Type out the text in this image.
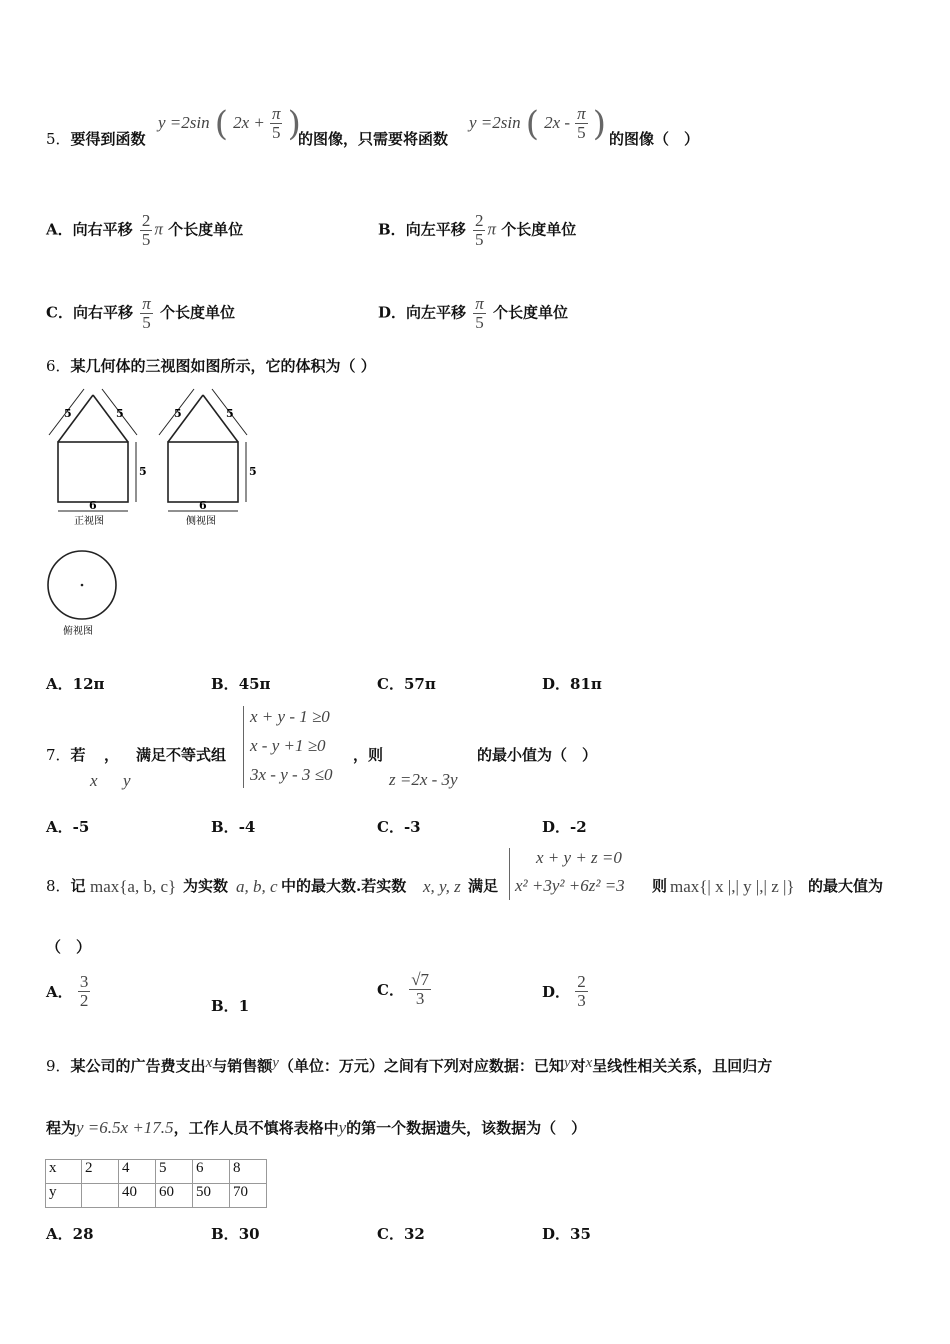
5．要得到函数
y =2sin ( $2x + \frac{\pi}{5}$ )
的图像，只需要将函数
y =2sin ( $2x - \frac{\pi}{5}$ ) 的图像（　）
A．向右平移 $\frac{2}{5}$ π 个长度单位	B．向左平移 $\frac{2}{5}$ π 个长度单位
C．向右平移 $\frac{\pi}{5}$ 个长度单位	D．向左平移 $\frac{\pi}{5}$ 个长度单位
6．某几何体的三视图如图所示，它的体积为（ ）
5	5
5
6
正视图
5	5
5
6
侧视图
俯视图
A．12π	B．45π	C．57π	D．81π
7．若 ， 满足不等式组
x y
x + y - 1 ≥0
x - y +1 ≥0
3x - y - 3 ≤0
，则
z =2x - 3y
的最小值为（　）
A．-5	B．-4	C．-3	D．-2
8．记 max{a, b, c} 为实数 a, b, c 中的最大数.若实数 x, y, z 满足
x + y + z =0
x² +3y² +6z² =3 则 max{| x |,| y |,| z |} 的最大值为
（　）
A． $\frac{3}{2}$	B．1
C． $\frac{√7}{3}$	D． $\frac{2}{3}$
9．某公司的广告费支出x与销售额y（单位：万元）之间有下列对应数据：已知y对x呈线性相关关系，且回归方
程为y =6.5x +17.5，工作人员不慎将表格中y的第一个数据遗失，该数据为（　）
x	2	4	5	6	8
y		40	60	50	70
A．28	B．30	C．32	D．35
